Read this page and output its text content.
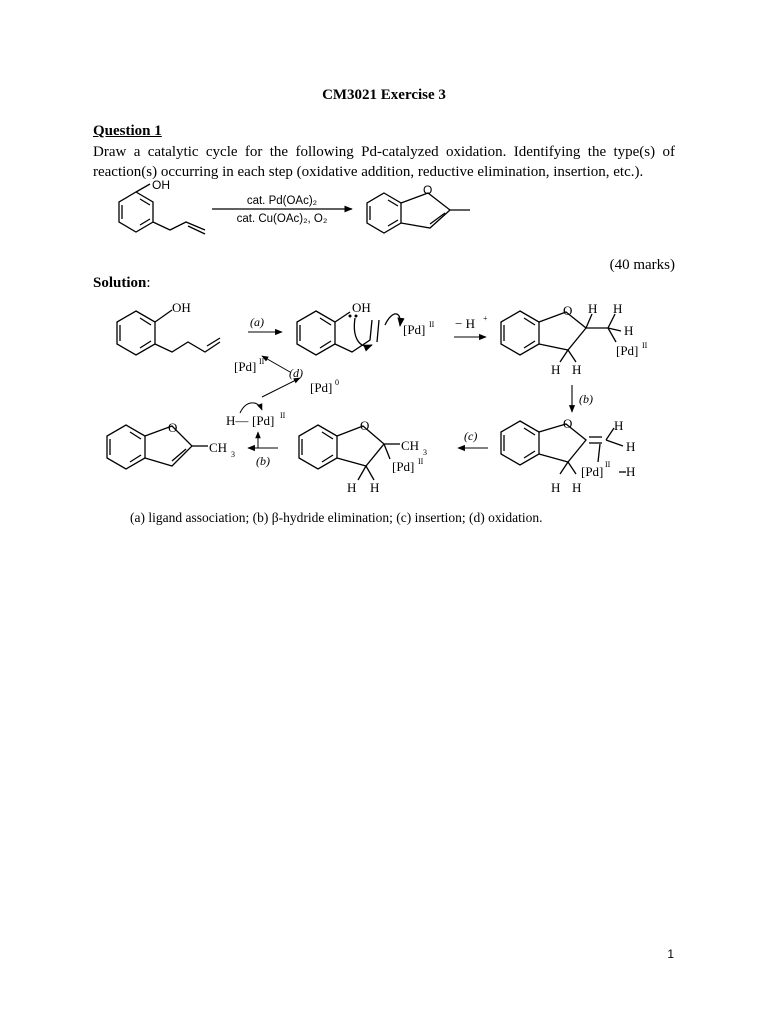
CM3021 Exercise 3
Question 1
Draw a catalytic cycle for the following Pd-catalyzed oxidation. Identifying the type(s) of reaction(s) occurring in each step (oxidative addition, reductive elimination, insertion, etc.).
OH
cat. Pd(OAc)₂
cat. Cu(OAc)₂, O₂
O
OH
(a)
[Pd] II
(d)
[Pd] 0
OH
[Pd] II − H +
O H H
H
[Pd] II
H H
(b)
O	H
H
[Pd] II H
H H
(c)
O
CH 3
[Pd] II
H H
H— [Pd] II
(b)
O
CH 3
(40 marks)
Solution:
(a) ligand association; (b) β-hydride elimination; (c) insertion; (d) oxidation.
1
